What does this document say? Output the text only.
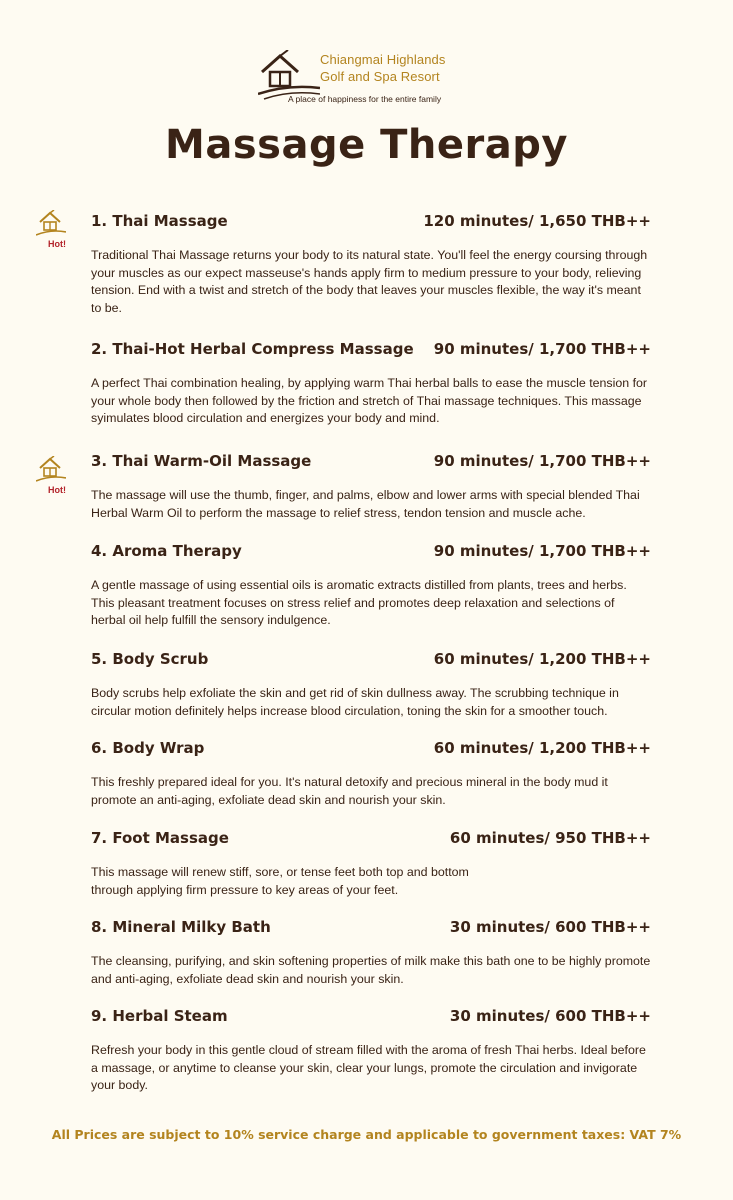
Chiangmai Highlands
Golf and Spa Resort
A place of happiness for the entire family
Massage Therapy
Hot!
Hot!
1. Thai Massage	120 minutes/ 1,650 THB++
Traditional Thai Massage returns your body to its natural state. You'll feel the energy coursing through your muscles as our expect masseuse's hands apply firm to medium pressure to your body, relieving tension. End with a twist and stretch of the body that leaves your muscles flexible, the way it's meant to be.
2. Thai-Hot Herbal Compress Massage 90 minutes/ 1,700 THB++
A perfect Thai combination healing, by applying warm Thai herbal balls to ease the muscle tension for your whole body then followed by the friction and stretch of Thai massage techniques. This massage syimulates blood circulation and energizes your body and mind.
3. Thai Warm-Oil Massage	90 minutes/ 1,700 THB++
The massage will use the thumb, finger, and palms, elbow and lower arms with special blended Thai Herbal Warm Oil to perform the massage to relief stress, tendon tension and muscle ache.
4. Aroma Therapy	90 minutes/ 1,700 THB++
A gentle massage of using essential oils is aromatic extracts distilled from plants, trees and herbs. This pleasant treatment focuses on stress relief and promotes deep relaxation and selections of herbal oil help fulfill the sensory indulgence.
5. Body Scrub	60 minutes/ 1,200 THB++
Body scrubs help exfoliate the skin and get rid of skin dullness away. The scrubbing technique in circular motion definitely helps increase blood circulation, toning the skin for a smoother touch.
6. Body Wrap	60 minutes/ 1,200 THB++
This freshly prepared ideal for you. It's natural detoxify and precious mineral in the body mud it promote an anti-aging, exfoliate dead skin and nourish your skin.
7. Foot Massage	60 minutes/ 950 THB++
This massage will renew stiff, sore, or tense feet both top and bottom through applying firm pressure to key areas of your feet.
8. Mineral Milky Bath	30 minutes/ 600 THB++
The cleansing, purifying, and skin softening properties of milk make this bath one to be highly promote and anti-aging, exfoliate dead skin and nourish your skin.
9. Herbal Steam	30 minutes/ 600 THB++
Refresh your body in this gentle cloud of stream filled with the aroma of fresh Thai herbs. Ideal before a massage, or anytime to cleanse your skin, clear your lungs, promote the circulation and invigorate your body.
All Prices are subject to 10% service charge and applicable to government taxes: VAT 7%
